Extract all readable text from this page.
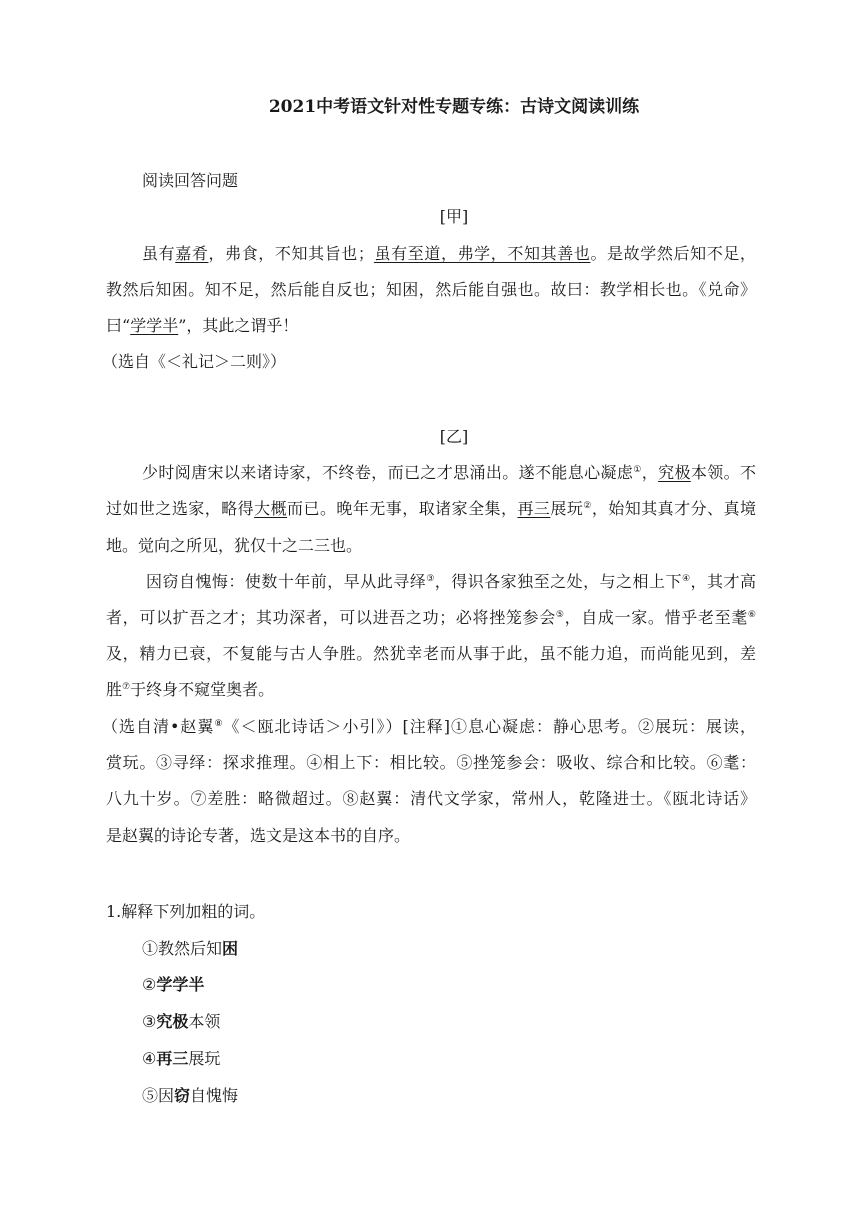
2021中考语文针对性专题专练：古诗文阅读训练
阅读回答问题
[甲]
虽有嘉肴，弗食，不知其旨也；虽有至道，弗学，不知其善也。是故学然后知不足，
教然后知困。知不足，然后能自反也；知困，然后能自强也。故曰：教学相长也。《兑命》
曰“学学半”，其此之谓乎！
（选自《＜礼记＞二则》）
[乙]
少时阅唐宋以来诸诗家，不终卷，而已之才思涌出。遂不能息心凝虑①，究极本领。不
过如世之选家，略得大概而已。晚年无事，取诸家全集，再三展玩②，始知其真才分、真境
地。觉向之所见，犹仅十之二三也。
因窃自愧悔：使数十年前，早从此寻绎③，得识各家独至之处，与之相上下④，其才高
者，可以扩吾之才；其功深者，可以进吾之功；必将挫笼参会⑤，自成一家。惜乎老至耄⑥
及，精力已衰，不复能与古人争胜。然犹幸老而从事于此，虽不能力追，而尚能见到，差
胜⑦于终身不窥堂奥者。
（选自清•赵翼⑧《＜瓯北诗话＞小引》）[注释]①息心凝虑：静心思考。②展玩：展读，
赏玩。③寻绎：探求推理。④相上下：相比较。⑤挫笼参会：吸收、综合和比较。⑥耄：
八九十岁。⑦差胜：略微超过。⑧赵翼：清代文学家，常州人，乾隆进士。《瓯北诗话》
是赵翼的诗论专著，选文是这本书的自序。
1.解释下列加粗的词。
①教然后知困
②学学半
③究极本领
④再三展玩
⑤因窃自愧悔
